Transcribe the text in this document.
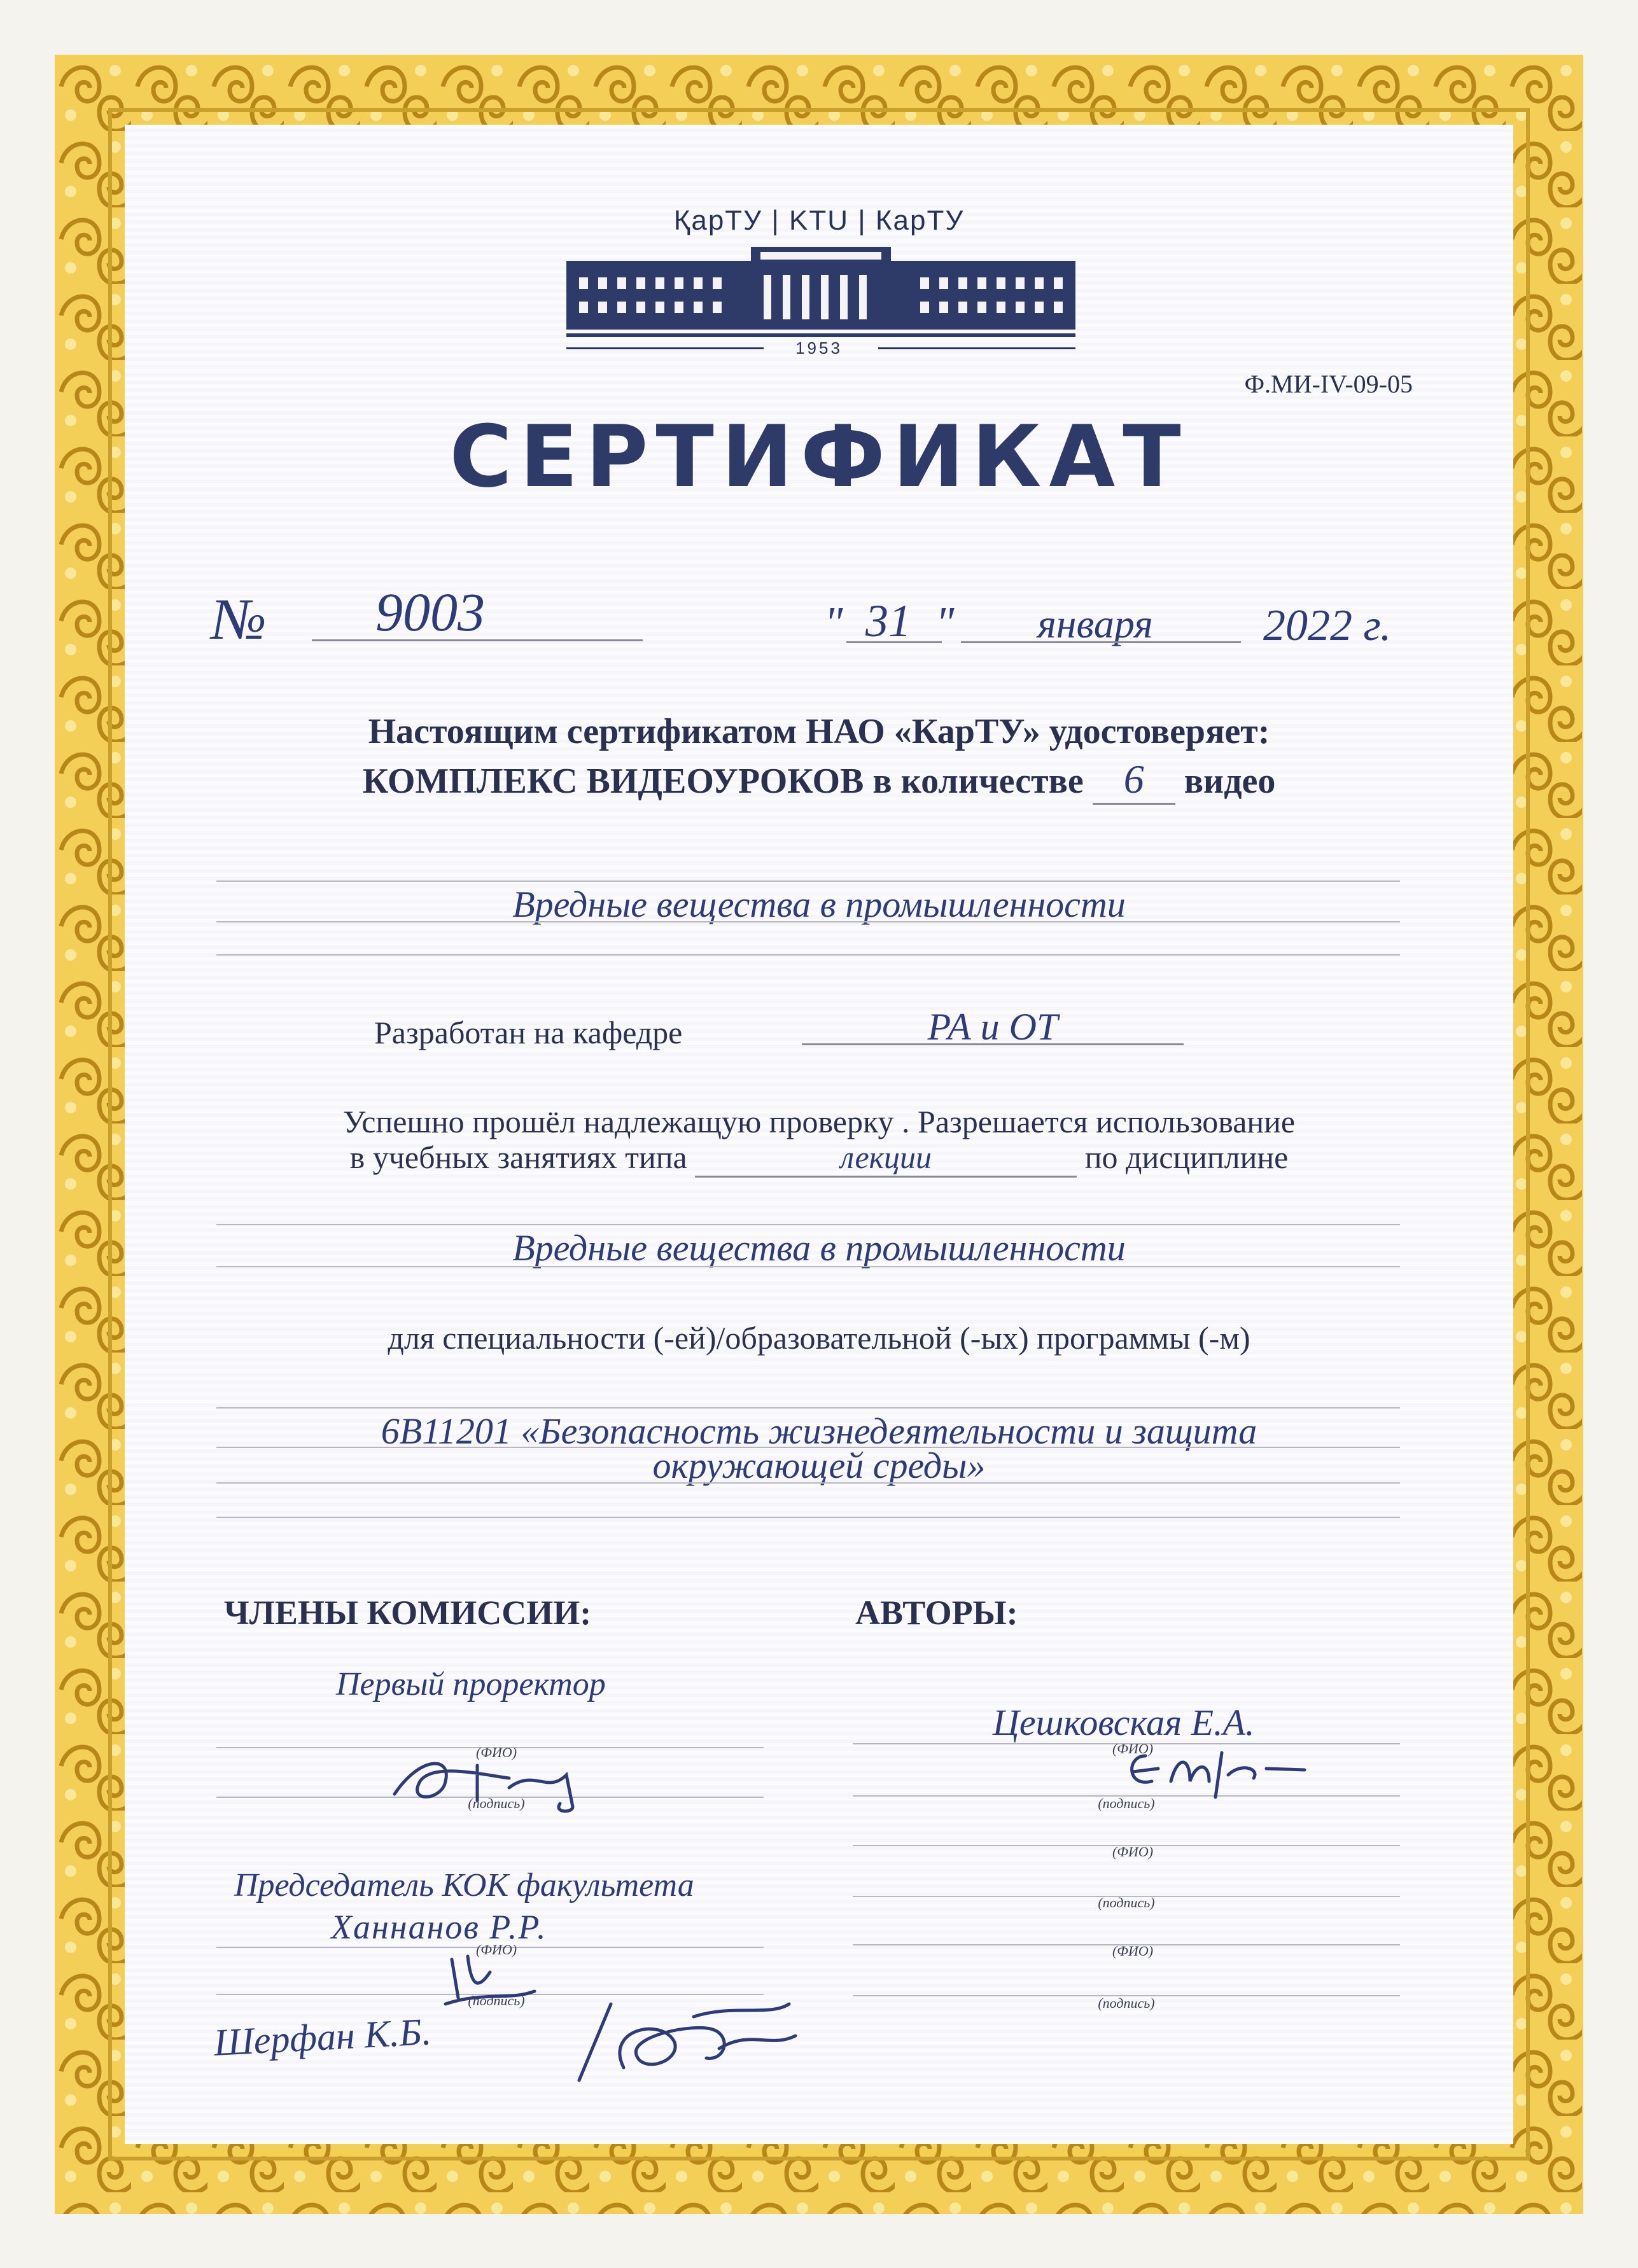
ҚарТУ | KTU | КарТУ
1953
Ф.МИ-IV-09-05
СЕРТИФИКАТ
№ 9003	" 31 " января 2022 г.
Настоящим сертификатом НАО «КарТУ» удостоверяет:
КОМПЛЕКС ВИДЕОУРОКОВ в количестве 6 видео
Вредные вещества в промышленности
Разработан на кафедре	РА и ОТ
Успешно прошёл надлежащую проверку . Разрешается использование
в учебных занятиях типа	лекции	по дисциплине
Вредные вещества в промышленности
для специальности (-ей)/образовательной (-ых) программы (-м)
6В11201 «Безопасность жизнедеятельности и защита
окружающей среды»
ЧЛЕНЫ КОМИССИИ:
Первый проректор
(ФИО)
(подпись)
Председатель КОК факультета
Ханнанов Р.Р.
(ФИО)
(подпись)
Шерфан К.Б.
АВТОРЫ:
Цешковская Е.А.
(ФИО)
(подпись)
(ФИО)
(подпись)
(ФИО)
(подпись)
